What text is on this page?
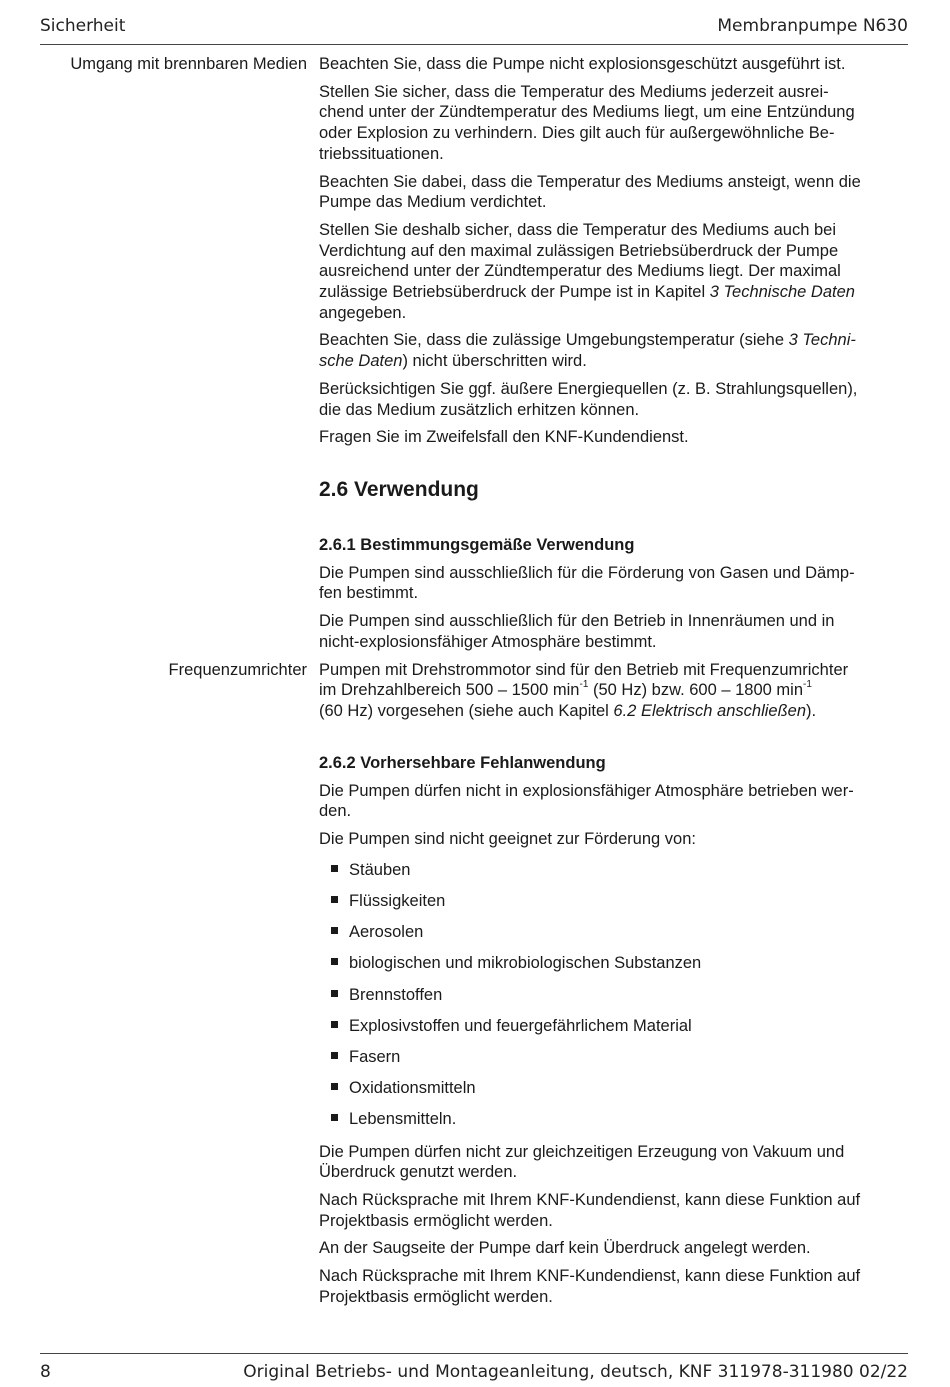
Sicherheit	Membranpumpe N630
Umgang mit brennbaren Medien Beachten Sie, dass die Pumpe nicht explosionsgeschützt ausgeführt ist.

Stellen Sie sicher, dass die Temperatur des Mediums jederzeit ausrei-
chend unter der Zündtemperatur des Mediums liegt, um eine Entzündung
oder Explosion zu verhindern. Dies gilt auch für außergewöhnliche Be-
triebssituationen.

Beachten Sie dabei, dass die Temperatur des Mediums ansteigt, wenn die
Pumpe das Medium verdichtet.

Stellen Sie deshalb sicher, dass die Temperatur des Mediums auch bei
Verdichtung auf den maximal zulässigen Betriebsüberdruck der Pumpe
ausreichend unter der Zündtemperatur des Mediums liegt. Der maximal
zulässige Betriebsüberdruck der Pumpe ist in Kapitel 3 Technische Daten
angegeben.

Beachten Sie, dass die zulässige Umgebungstemperatur (siehe 3 Techni-
sche Daten) nicht überschritten wird.

Berücksichtigen Sie ggf. äußere Energiequellen (z. B. Strahlungsquellen),
die das Medium zusätzlich erhitzen können.

Fragen Sie im Zweifelsfall den KNF-Kundendienst.

2.6 Verwendung
2.6.1 Bestimmungsgemäße Verwendung

Die Pumpen sind ausschließlich für die Förderung von Gasen und Dämp-
fen bestimmt.

Die Pumpen sind ausschließlich für den Betrieb in Innenräumen und in
nicht-explosionsfähiger Atmosphäre bestimmt.

Pumpen mit Drehstrommotor sind für den Betrieb mit Frequenzumrichter
im Drehzahlbereich 500 – 1500 $\min^{-1} (50$ Hz) bzw. 600 – 1800 $\min^{-1}$
(60 Hz) vorgesehen (siehe auch Kapitel 6.2 Elektrisch anschließen).

Frequenzumrichter
2.6.2 Vorhersehbare Fehlanwendung

Die Pumpen dürfen nicht in explosionsfähiger Atmosphäre betrieben wer-
den.

Die Pumpen sind nicht geeignet zur Förderung von:

Stäuben
Flüssigkeiten
Aerosolen
biologischen und mikrobiologischen Substanzen
Brennstoffen
Explosivstoffen und feuergefährlichem Material
Fasern
Oxidationsmitteln
Lebensmitteln.

Die Pumpen dürfen nicht zur gleichzeitigen Erzeugung von Vakuum und
Überdruck genutzt werden.

Nach Rücksprache mit Ihrem KNF-Kundendienst, kann diese Funktion auf
Projektbasis ermöglicht werden.

An der Saugseite der Pumpe darf kein Überdruck angelegt werden.

Nach Rücksprache mit Ihrem KNF-Kundendienst, kann diese Funktion auf
Projektbasis ermöglicht werden.

8	Original Betriebs- und Montageanleitung, deutsch, KNF 311978-311980 02/22
